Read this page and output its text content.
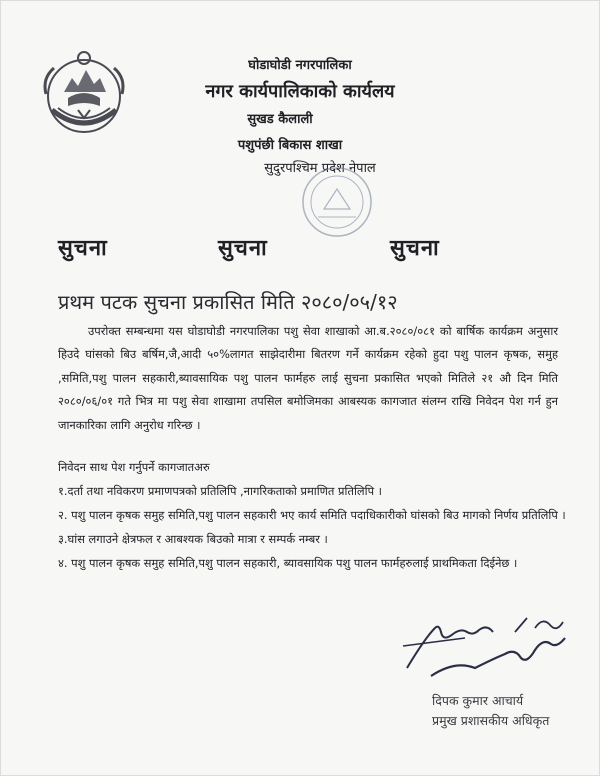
घोडाघोडी नगरपालिका
नगर कार्यपालिकाको कार्यलय
सुखड कैलाली
पशुपंछी बिकास शाखा
सुदुरपश्चिम प्रदेश नेपाल
सुचना	सुचना	सुचना
प्रथम पटक सुचना प्रकासित मिति २०८०/०५/१२
उपरोक्त सम्बन्धमा यस घोडाघोडी नगरपालिका पशु सेवा शाखाको आ.ब.२०८०/०८१ को बार्षिक कार्यक्रम अनुसार हिउदे घांसको बिउ बर्षिम,जै,आदी ५०%लागत साझेदारीमा बितरण गर्ने कार्यक्रम रहेको हुदा पशु पालन कृषक, समुह ,समिति,पशु पालन सहकारी,ब्यावसायिक पशु पालन फार्महरु लाई सुचना प्रकासित भएको मितिले २१ औ दिन मिति २०८०/०६/०१ गते भित्र मा पशु सेवा शाखामा तपसिल बमोजिमका आबस्यक कागजात संलग्न राखि निवेदन पेश गर्न हुन जानकारिका लागि अनुरोध गरिन्छ ।
निवेदन साथ पेश गर्नुपर्ने कागजातअरु
१.दर्ता तथा नविकरण प्रमाणपत्रको प्रतिलिपि ,नागरिकताको प्रमाणित प्रतिलिपि ।
२. पशु पालन कृषक समुह समिति,पशु पालन सहकारी भए कार्य समिति पदाधिकारीको घांसको बिउ मागको निर्णय प्रतिलिपि ।
३.घांस लगाउने क्षेत्रफल र आबश्यक बिउको मात्रा र सम्पर्क नम्बर ।
४. पशु पालन कृषक समुह समिति,पशु पालन सहकारी, ब्यावसायिक पशु पालन फार्महरुलाई प्राथमिकता दिईनेछ ।
दिपक कुमार आचार्य
प्रमुख प्रशासकीय अधिकृत
